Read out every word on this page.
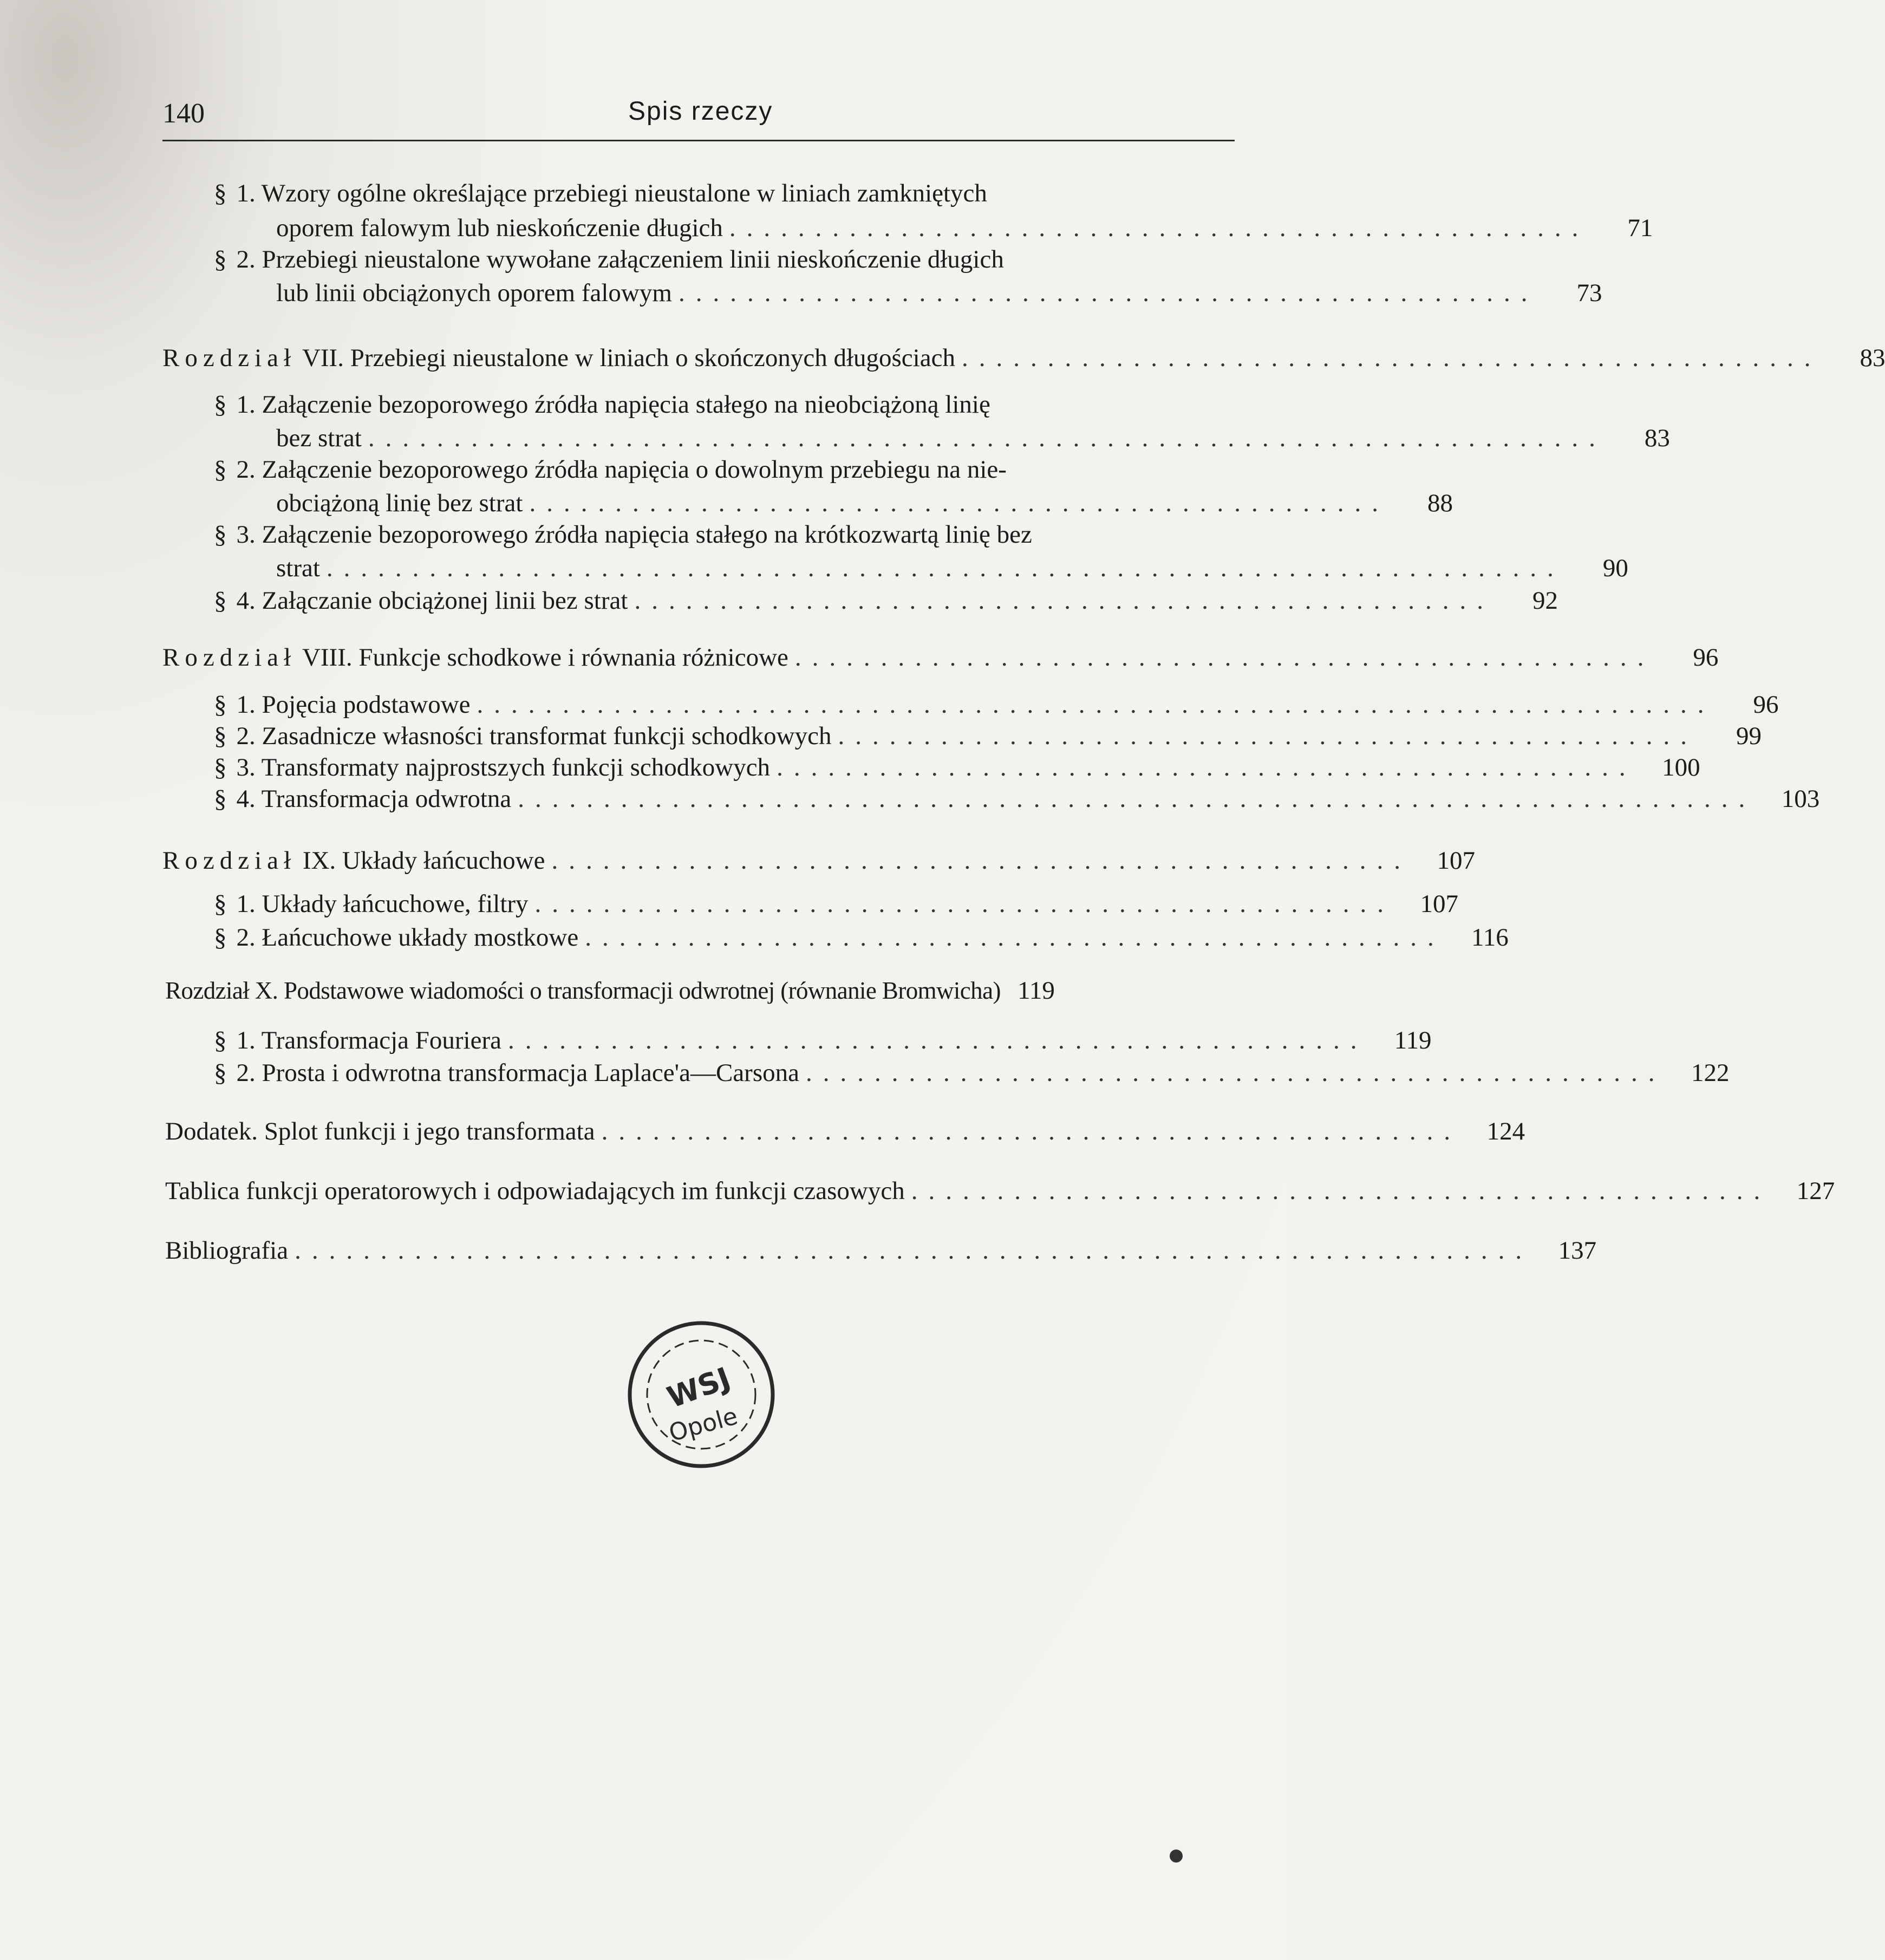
140	Spis rzeczy
§ 1. Wzory ogólne określające przebiegi nieustalone w liniach zamkniętych
oporem falowym lub nieskończenie długich ..................................................	71
§ 2. Przebiegi nieustalone wywołane załączeniem linii nieskończenie długich
lub linii obciążonych oporem falowym ..................................................	73
Rozdział VII. Przebiegi nieustalone w liniach o skończonych długościach ..................................................	83
§ 1. Załączenie bezoporowego źródła napięcia stałego na nieobciążoną linię
bez strat ........................................................................	83
§ 2. Załączenie bezoporowego źródła napięcia o dowolnym przebiegu na nie-
obciążoną linię bez strat ..................................................	88
§ 3. Załączenie bezoporowego źródła napięcia stałego na krótkozwartą linię bez
strat ........................................................................	90
§ 4. Załączanie obciążonej linii bez strat ..................................................	92
Rozdział VIII. Funkcje schodkowe i równania różnicowe ..................................................	96
§ 1. Pojęcia podstawowe ........................................................................	96
§ 2. Zasadnicze własności transformat funkcji schodkowych ..................................................	99
§ 3. Transformaty najprostszych funkcji schodkowych ..................................................	100
§ 4. Transformacja odwrotna ........................................................................	103
Rozdział IX. Układy łańcuchowe ..................................................	107
§ 1. Układy łańcuchowe, filtry ..................................................	107
§ 2. Łańcuchowe układy mostkowe ..................................................	116
Rozdział X. Podstawowe wiadomości o transformacji odwrotnej (równanie Bromwicha) 119
§ 1. Transformacja Fouriera ..................................................	119
§ 2. Prosta i odwrotna transformacja Laplace'a—Carsona ..................................................	122
Dodatek. Splot funkcji i jego transformata ..................................................	124
Tablica funkcji operatorowych i odpowiadających im funkcji czasowych ..................................................	127
Bibliografia ........................................................................	137
WSJ
Opole
